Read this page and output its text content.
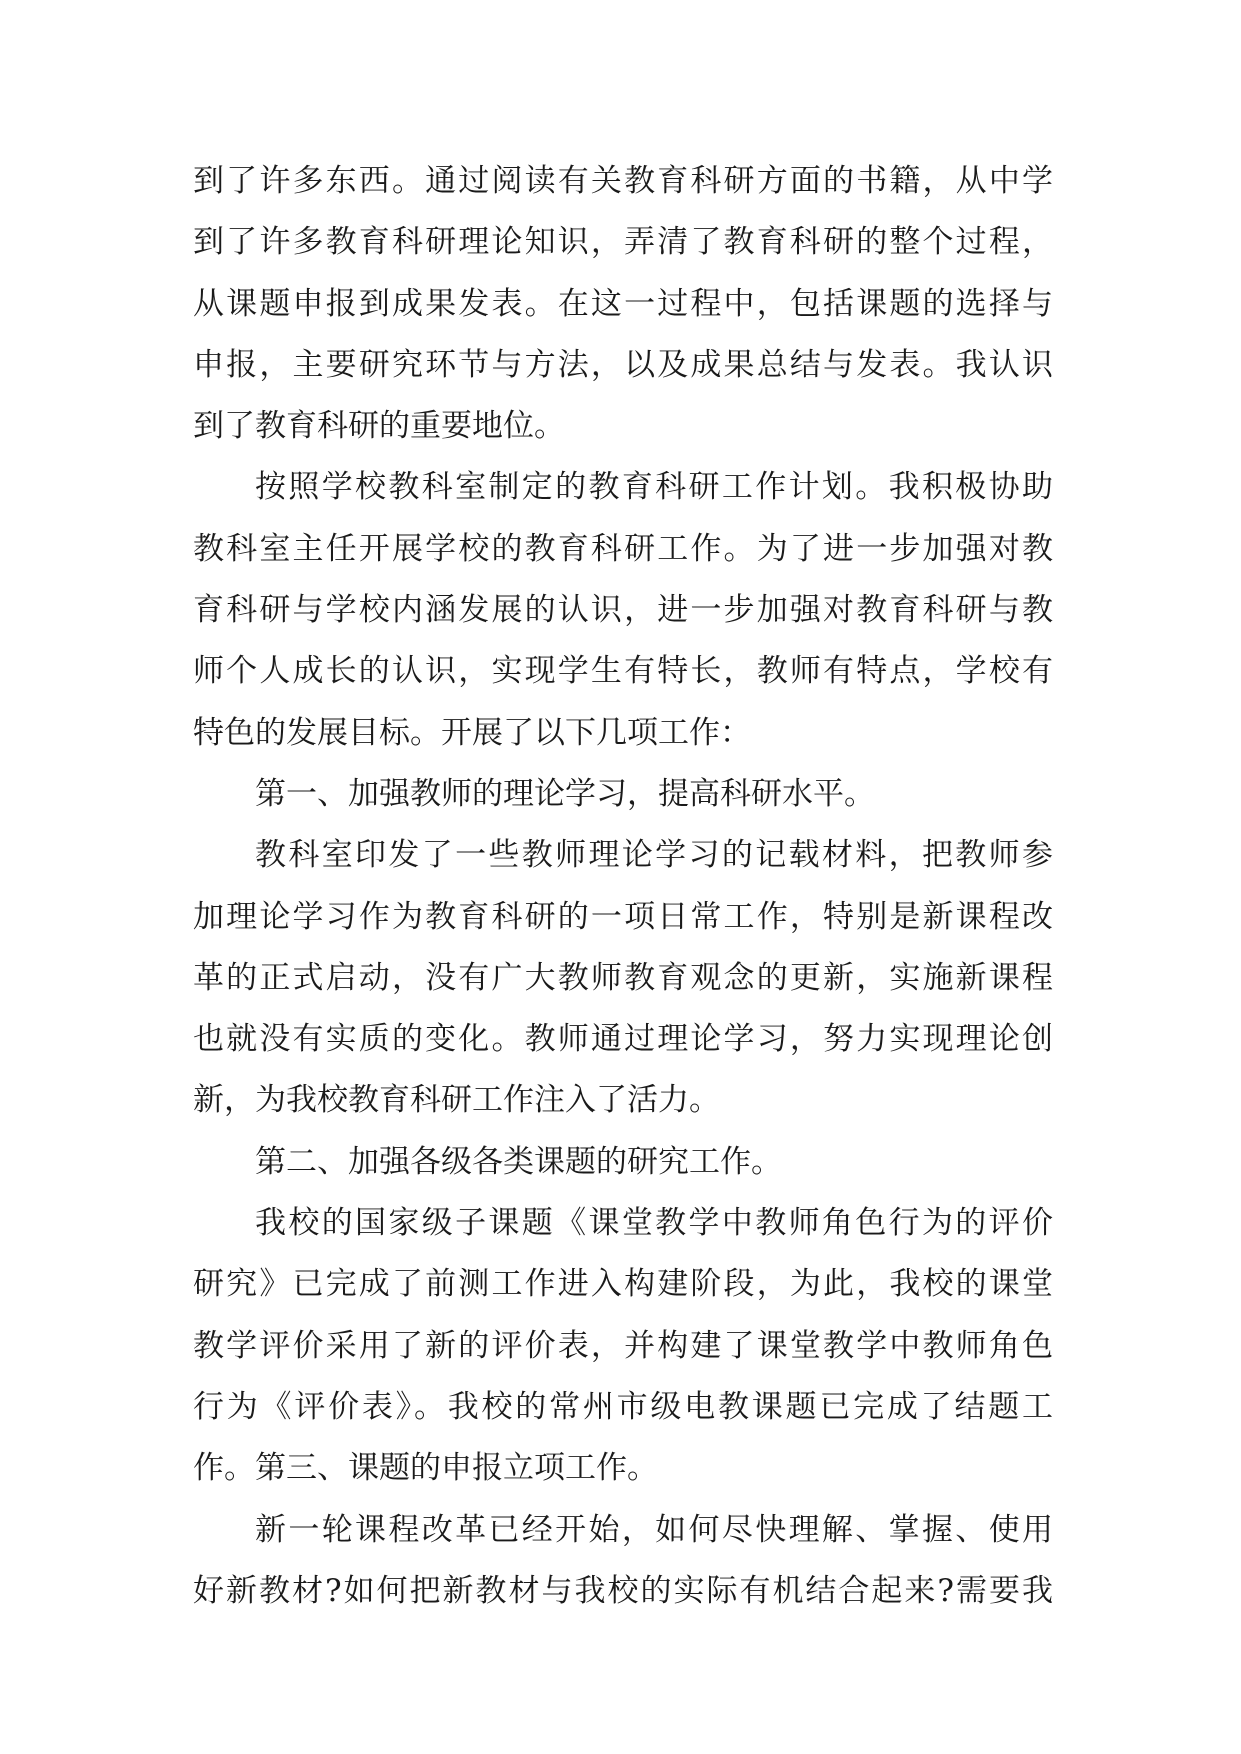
到了许多东西。通过阅读有关教育科研方面的书籍，从中学
到了许多教育科研理论知识，弄清了教育科研的整个过程，
从课题申报到成果发表。在这一过程中，包括课题的选择与
申报，主要研究环节与方法，以及成果总结与发表。我认识
到了教育科研的重要地位。
按照学校教科室制定的教育科研工作计划。我积极协助
教科室主任开展学校的教育科研工作。为了进一步加强对教
育科研与学校内涵发展的认识，进一步加强对教育科研与教
师个人成长的认识，实现学生有特长，教师有特点，学校有
特色的发展目标。开展了以下几项工作：
第一、加强教师的理论学习，提高科研水平。
教科室印发了一些教师理论学习的记载材料，把教师参
加理论学习作为教育科研的一项日常工作，特别是新课程改
革的正式启动，没有广大教师教育观念的更新，实施新课程
也就没有实质的变化。教师通过理论学习，努力实现理论创
新，为我校教育科研工作注入了活力。
第二、加强各级各类课题的研究工作。
我校的国家级子课题《课堂教学中教师角色行为的评价
研究》已完成了前测工作进入构建阶段，为此，我校的课堂
教学评价采用了新的评价表，并构建了课堂教学中教师角色
行为《评价表》。我校的常州市级电教课题已完成了结题工
作。第三、课题的申报立项工作。
新一轮课程改革已经开始，如何尽快理解、掌握、使用
好新教材?如何把新教材与我校的实际有机结合起来?需要我
